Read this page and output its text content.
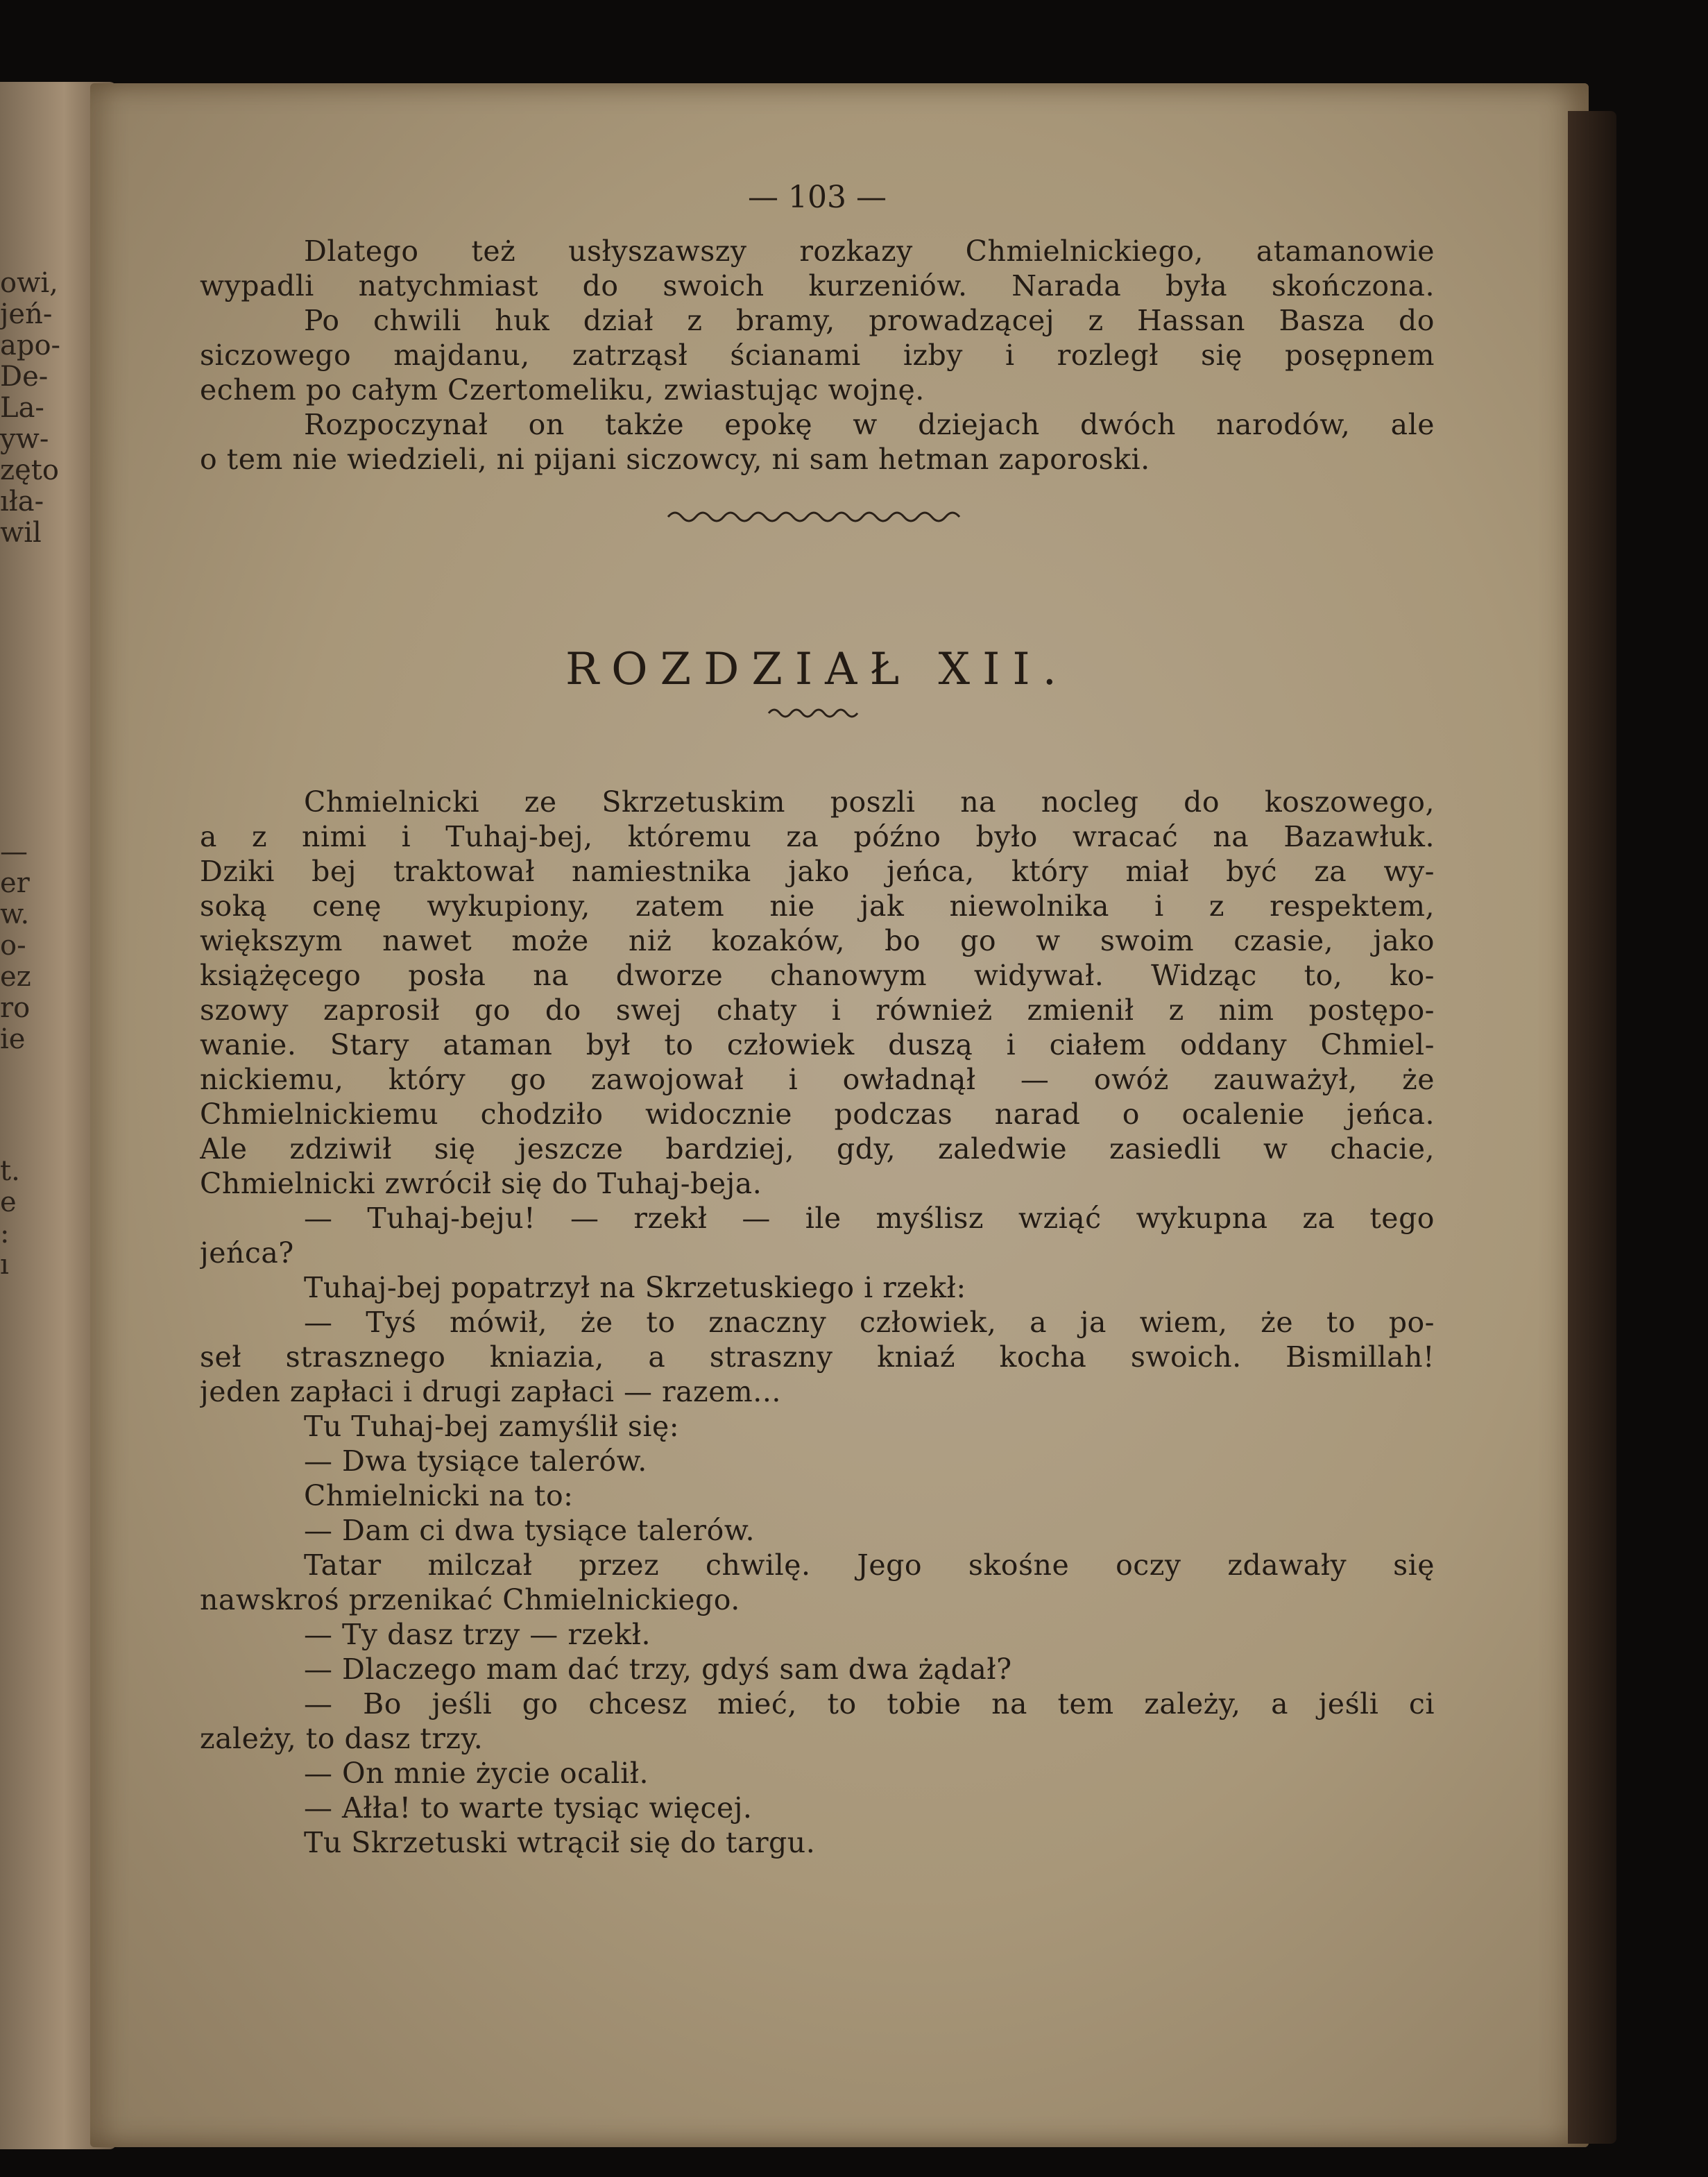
owi,
jeń-
apo-
De-
La-
yw-
zęto
ıła-
wil
—
er
w.
o-
ez
ro
ie
t.
e
:
ı
— 103 —
Dlatego też usłyszawszy rozkazy Chmielnickiego, atamanowie
wypadli natychmiast do swoich kurzeniów. Narada była skończona.
Po chwili huk dział z bramy, prowadzącej z Hassan Basza do
siczowego majdanu, zatrząsł ścianami izby i rozległ się posępnem
echem po całym Czertomeliku, zwiastując wojnę.
Rozpoczynał on także epokę w dziejach dwóch narodów, ale
o tem nie wiedzieli, ni pijani siczowcy, ni sam hetman zaporoski.
ROZDZIAŁ XII.
Chmielnicki ze Skrzetuskim poszli na nocleg do koszowego,
a z nimi i Tuhaj-bej, któremu za późno było wracać na Bazawłuk.
Dziki bej traktował namiestnika jako jeńca, który miał być za wy-
soką cenę wykupiony, zatem nie jak niewolnika i z respektem,
większym nawet może niż kozaków, bo go w swoim czasie, jako
książęcego posła na dworze chanowym widywał. Widząc to, ko-
szowy zaprosił go do swej chaty i również zmienił z nim postępo-
wanie. Stary ataman był to człowiek duszą i ciałem oddany Chmiel-
nickiemu, który go zawojował i owładnął — owóż zauważył, że
Chmielnickiemu chodziło widocznie podczas narad o ocalenie jeńca.
Ale zdziwił się jeszcze bardziej, gdy, zaledwie zasiedli w chacie,
Chmielnicki zwrócił się do Tuhaj-beja.
— Tuhaj-beju! — rzekł — ile myślisz wziąć wykupna za tego
jeńca?
Tuhaj-bej popatrzył na Skrzetuskiego i rzekł:
— Tyś mówił, że to znaczny człowiek, a ja wiem, że to po-
seł strasznego kniazia, a straszny kniaź kocha swoich. Bismillah!
jeden zapłaci i drugi zapłaci — razem...
Tu Tuhaj-bej zamyślił się:
— Dwa tysiące talerów.
Chmielnicki na to:
— Dam ci dwa tysiące talerów.
Tatar milczał przez chwilę. Jego skośne oczy zdawały się
nawskroś przenikać Chmielnickiego.
— Ty dasz trzy — rzekł.
— Dlaczego mam dać trzy, gdyś sam dwa żądał?
— Bo jeśli go chcesz mieć, to tobie na tem zależy, a jeśli ci
zależy, to dasz trzy.
— On mnie życie ocalił.
— Ałła! to warte tysiąc więcej.
Tu Skrzetuski wtrącił się do targu.
